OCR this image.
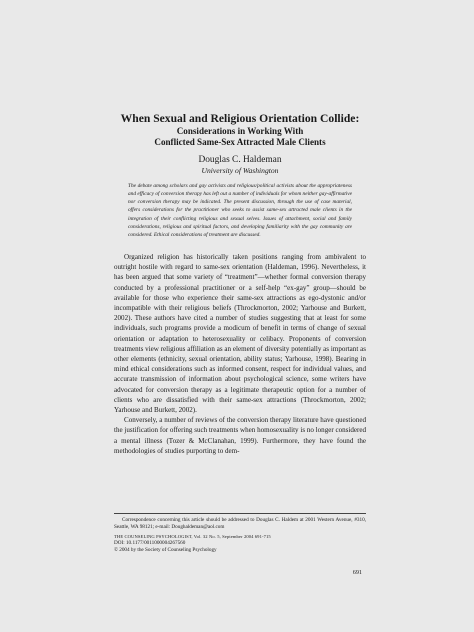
When Sexual and Religious Orientation Collide:
Considerations in Working With
Conflicted Same-Sex Attracted Male Clients
Douglas C. Haldeman
University of Washington
The debate among scholars and gay activists and religious/political activists about the appropriateness and efficacy of conversion therapy has left out a number of individuals for whom neither gay-affirmative nor conversion therapy may be indicated. The present discussion, through the use of case material, offers considerations for the practitioner who seeks to assist same-sex attracted male clients in the integration of their conflicting religious and sexual selves. Issues of attachment, social and family considerations, religious and spiritual factors, and developing familiarity with the gay community are considered. Ethical considerations of treatment are discussed.

Organized religion has historically taken positions ranging from ambivalent to outright hostile with regard to same-sex orientation (Haldeman, 1996). Nevertheless, it has been argued that some variety of “treatment”—whether formal conversion therapy conducted by a professional practitioner or a self-help “ex-gay” group—should be available for those who experience their same-sex attractions as ego-dystonic and/or incompatible with their religious beliefs (Throckmorton, 2002; Yarhouse and Burkett, 2002). These authors have cited a number of studies suggesting that at least for some individuals, such programs provide a modicum of benefit in terms of change of sexual orientation or adaptation to heterosexuality or celibacy. Proponents of conversion treatments view religious affiliation as an element of diversity potentially as important as other elements (ethnicity, sexual orientation, ability status; Yarhouse, 1998). Bearing in mind ethical considerations such as informed consent, respect for individual values, and accurate transmission of information about psychological science, some writers have advocated for conversion therapy as a legitimate therapeutic option for a number of clients who are dissatisfied with their same-sex attractions (Throckmorton, 2002; Yarhouse and Burkett, 2002).

Conversely, a number of reviews of the conversion therapy literature have questioned the justification for offering such treatments when homosexuality is no longer considered a mental illness (Tozer & McClanahan, 1999). Furthermore, they have found the methodologies of studies purporting to dem-

Correspondence concerning this article should be addressed to Douglas C. Haldem at 2001 Western Avenue, #310, Seattle, WA 98121; e-mail: Doughaldeman@aol.com

THE COUNSELING PSYCHOLOGIST, Vol. 32 No. 5, September 2004 691-715

DOI: 10.1177/0011000004267560

© 2004 by the Society of Counseling Psychology

691
